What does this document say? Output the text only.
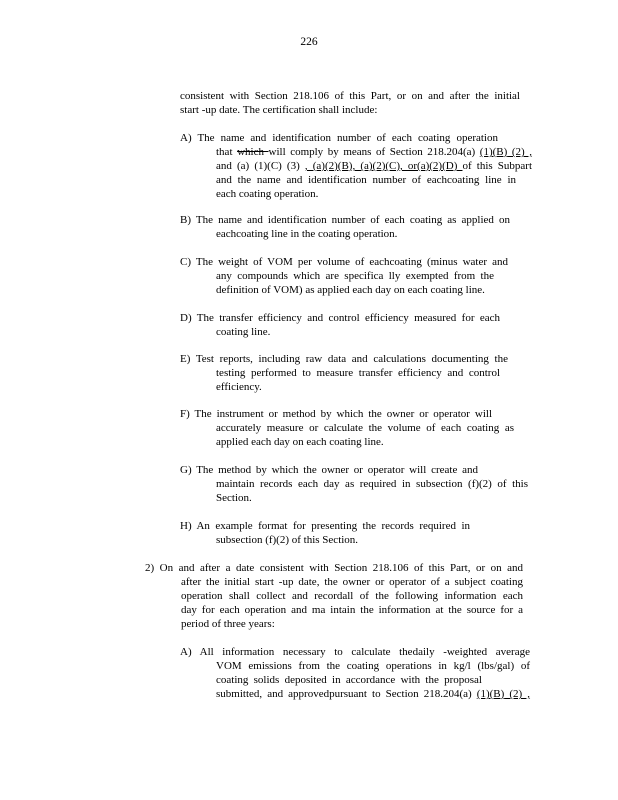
226
consistent with Section 218.106 of this Part, or on and after the initial
start -up date. The certification shall include:
A) The name and identification number of each coating operation
that which will comply by means of Section 218.204(a) (1)(B) (2) ,
and (a) (1)(C) (3) , (a)(2)(B), (a)(2)(C), or(a)(2)(D) of this Subpart
and the name and identification number of eachcoating line in
each coating operation.
B) The name and identification number of each coating as applied on
eachcoating line in the coating operation.
C) The weight of VOM per volume of eachcoating (minus water and
any compounds which are specifica lly exempted from the
definition of VOM) as applied each day on each coating line.
D) The transfer efficiency and control efficiency measured for each
coating line.
E) Test reports, including raw data and calculations documenting the
testing performed to measure transfer efficiency and control
efficiency.
F) The instrument or method by which the owner or operator will
accurately measure or calculate the volume of each coating as
applied each day on each coating line.
G) The method by which the owner or operator will create and
maintain records each day as required in subsection (f)(2) of this
Section.
H) An example format for presenting the records required in
subsection (f)(2) of this Section.
2) On and after a date consistent with Section 218.106 of this Part, or on and
after the initial start -up date, the owner or operator of a subject coating
operation shall collect and recordall of the following information each
day for each operation and ma intain the information at the source for a
period of three years:
A) All information necessary to calculate thedaily -weighted average
VOM emissions from the coating operations in kg/l (lbs/gal) of
coating solids deposited in accordance with the proposal
submitted, and approvedpursuant to Section 218.204(a) (1)(B) (2) ,
